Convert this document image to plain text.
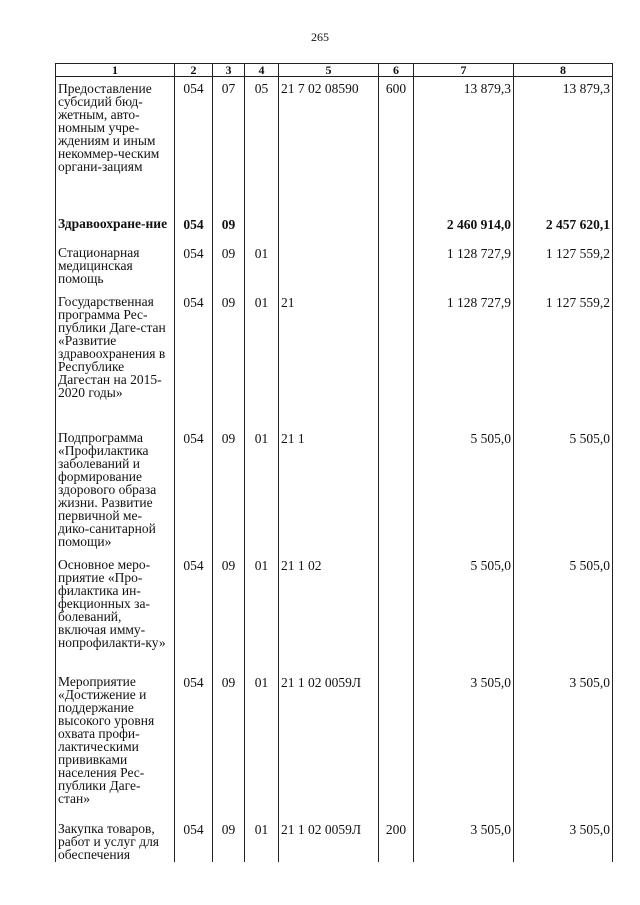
265
1	2	3	4	5	6	7	8
Предоставление субсидий бюд-жетным, авто-номным учре-ждениям и иным некоммер-ческим органи-зациям	054	07	05	21 7 02 08590	600	13 879,3	13 879,3
Здравоохране-ние	054	09				2 460 914,0	2 457 620,1
Стационарная медицинская помощь	054	09	01			1 128 727,9	1 127 559,2
Государственная программа Рес-публики Даге-стан «Развитие здравоохранения в Республике Дагестан на 2015-2020 годы»	054	09	01	21		1 128 727,9	1 127 559,2
Подпрограмма «Профилактика заболеваний и формирование здорового образа жизни. Развитие первичной ме-дико-санитарной помощи»	054	09	01	21 1		5 505,0	5 505,0
Основное меро-приятие «Про-филактика ин-фекционных за-болеваний, включая имму-нопрофилакти-ку»	054	09	01	21 1 02		5 505,0	5 505,0
Мероприятие «Достижение и поддержание высокого уровня охвата профи-лактическими прививками населения Рес-публики Даге-стан»	054	09	01	21 1 02 0059Л		3 505,0	3 505,0
Закупка товаров, работ и услуг для обеспечения	054	09	01	21 1 02 0059Л	200	3 505,0	3 505,0
